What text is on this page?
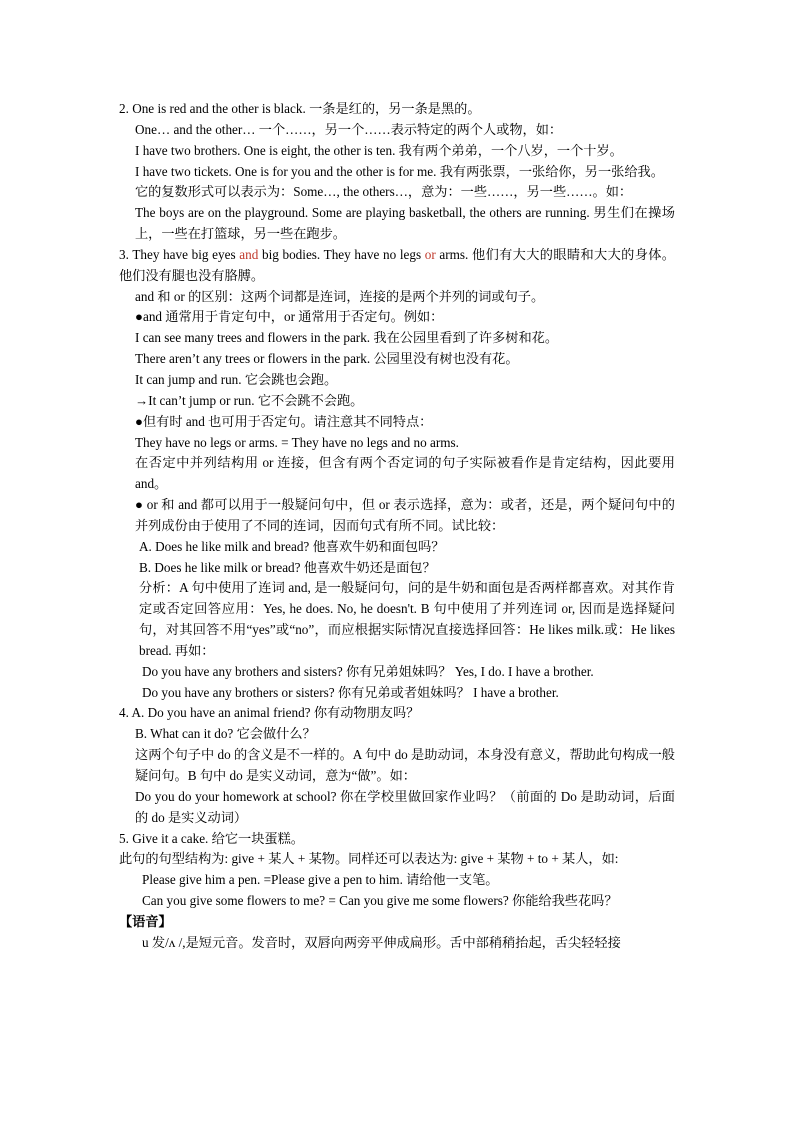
2. One is red and the other is black. 一条是红的，另一条是黑的。
One… and the other… 一个……，另一个……表示特定的两个人或物，如：
I have two brothers. One is eight, the other is ten. 我有两个弟弟，一个八岁，一个十岁。
I have two tickets. One is for you and the other is for me. 我有两张票，一张给你，另一张给我。
它的复数形式可以表示为：Some…, the others…，意为：一些……，另一些……。如：
The boys are on the playground. Some are playing basketball, the others are running. 男生们在操场上，一些在打篮球，另一些在跑步。
3. They have big eyes and big bodies. They have no legs or arms. 他们有大大的眼睛和大大的身体。他们没有腿也没有胳膊。
and 和 or 的区别：这两个词都是连词，连接的是两个并列的词或句子。
●and 通常用于肯定句中，or 通常用于否定句。例如：
I can see many trees and flowers in the park. 我在公园里看到了许多树和花。
There aren’t any trees or flowers in the park. 公园里没有树也没有花。
It can jump and run. 它会跳也会跑。
→It can’t jump or run. 它不会跳不会跑。
●但有时 and 也可用于否定句。请注意其不同特点：
They have no legs or arms. = They have no legs and no arms.
在否定中并列结构用 or 连接，但含有两个否定词的句子实际被看作是肯定结构，因此要用 and。
● or 和 and 都可以用于一般疑问句中，但 or 表示选择，意为：或者，还是，两个疑问句中的并列成份由于使用了不同的连词，因而句式有所不同。试比较：
A. Does he like milk and bread? 他喜欢牛奶和面包吗？
B. Does he like milk or bread? 他喜欢牛奶还是面包？
分析：A 句中使用了连词 and, 是一般疑问句，问的是牛奶和面包是否两样都喜欢。对其作肯定或否定回答应用：Yes, he does. No, he doesn't. B 句中使用了并列连词 or, 因而是选择疑问句，对其回答不用“yes”或“no”，而应根据实际情况直接选择回答：He likes milk.或：He likes bread. 再如：
Do you have any brothers and sisters? 你有兄弟姐妹吗？ Yes, I do. I have a brother.
Do you have any brothers or sisters? 你有兄弟或者姐妹吗？ I have a brother.
4. A. Do you have an animal friend? 你有动物朋友吗？
B. What can it do? 它会做什么？
这两个句子中 do 的含义是不一样的。A 句中 do 是助动词，本身没有意义，帮助此句构成一般疑问句。B 句中 do 是实义动词，意为“做”。如：
Do you do your homework at school? 你在学校里做回家作业吗？（前面的 Do 是助动词，后面的 do 是实义动词）
5. Give it a cake. 给它一块蛋糕。
此句的句型结构为: give + 某人 + 某物。同样还可以表达为: give + 某物 + to + 某人，如:
Please give him a pen. =Please give a pen to him. 请给他一支笔。
Can you give some flowers to me? = Can you give me some flowers? 你能给我些花吗？
【语音】
u 发/ʌ /,是短元音。发音时，双唇向两旁平伸成扁形。舌中部稍稍抬起，舌尖轻轻接
